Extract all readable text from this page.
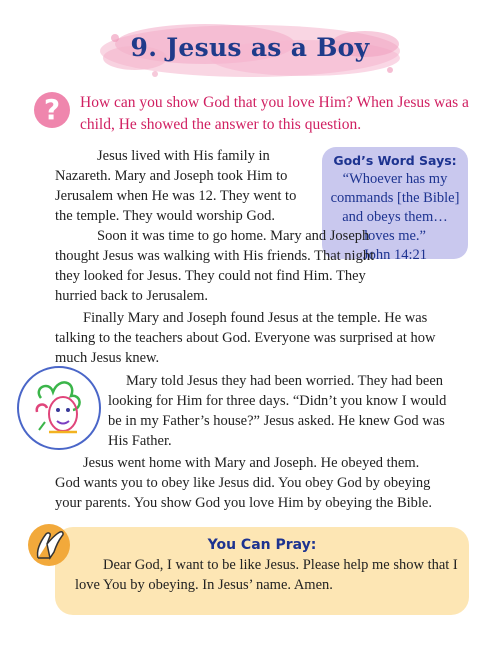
9. Jesus as a Boy
?	How can you show God that you love Him? When Jesus was a child, He showed the answer to this question.

Jesus lived with His family in Nazareth. Mary and Joseph took Him to Jerusalem when He was 12. They went to the temple. They would worship God.

God’s Word Says:
“Whoever has my commands [the Bible] and obeys them… loves me.”
John 14:21

Soon it was time to go home. Mary and Joseph thought Jesus was walking with His friends. That night they looked for Jesus. They could not find Him. They hurried back to Jerusalem.

Finally Mary and Joseph found Jesus at the temple. He was talking to the teachers about God. Everyone was surprised at how much Jesus knew.

Mary told Jesus they had been worried. They had been looking for Him for three days. “Didn’t you know I would be in my Father’s house?” Jesus asked. He knew God was His Father.

Jesus went home with Mary and Joseph. He obeyed them. God wants you to obey like Jesus did. You obey God by obeying your parents. You show God you love Him by obeying the Bible.

You Can Pray:

Dear God, I want to be like Jesus. Please help me show that I love You by obeying. In Jesus’ name. Amen.
